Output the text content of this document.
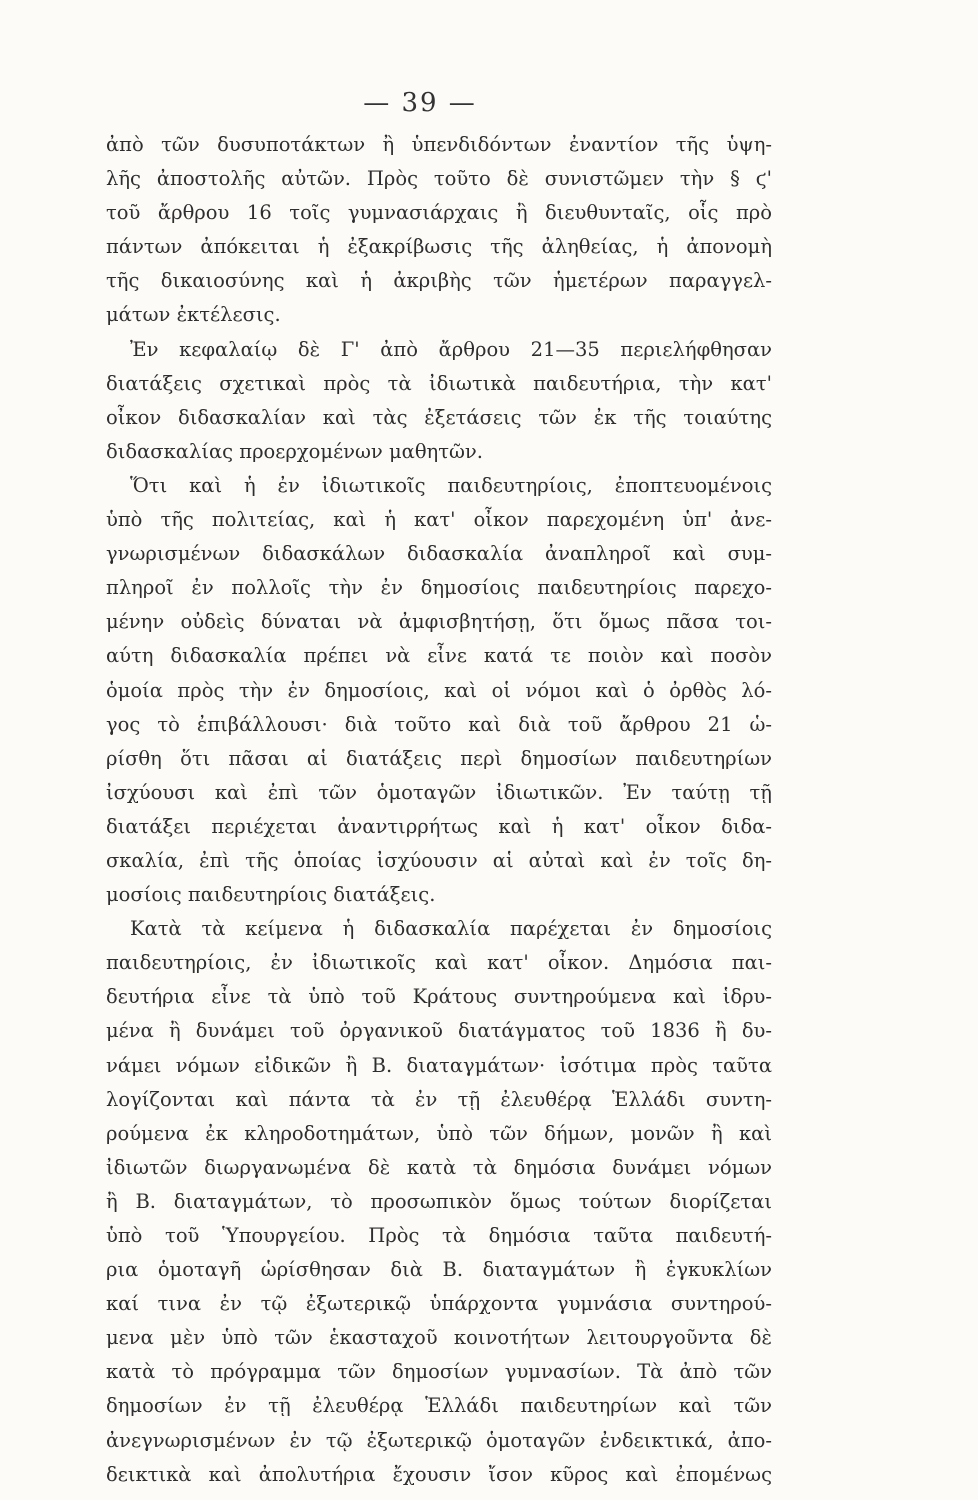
— 39 —
ἀπὸ τῶν δυσυποτάκτων ἢ ὑπενδιδόντων ἐναντίον τῆς ὑψη-
λῆς ἀποστολῆς αὐτῶν. Πρὸς τοῦτο δὲ συνιστῶμεν τὴν § ϛ'
τοῦ ἄρθρου 16 τοῖς γυμνασιάρχαις ἢ διευθυνταῖς, οἷς πρὸ
πάντων ἀπόκειται ἡ ἐξακρίβωσις τῆς ἀληθείας, ἡ ἀπονομὴ
τῆς δικαιοσύνης καὶ ἡ ἀκριβὴς τῶν ἡμετέρων παραγγελ-
μάτων ἐκτέλεσις.
Ἐν κεφαλαίῳ δὲ Γ' ἀπὸ ἄρθρου 21—35 περιελήφθησαν
διατάξεις σχετικαὶ πρὸς τὰ ἰδιωτικὰ παιδευτήρια, τὴν κατ'
οἶκον διδασκαλίαν καὶ τὰς ἐξετάσεις τῶν ἐκ τῆς τοιαύτης
διδασκαλίας προερχομένων μαθητῶν.
Ὅτι καὶ ἡ ἐν ἰδιωτικοῖς παιδευτηρίοις, ἐποπτευομένοις
ὑπὸ τῆς πολιτείας, καὶ ἡ κατ' οἶκον παρεχομένη ὑπ' ἀνε-
γνωρισμένων διδασκάλων διδασκαλία ἀναπληροῖ καὶ συμ-
πληροῖ ἐν πολλοῖς τὴν ἐν δημοσίοις παιδευτηρίοις παρεχο-
μένην οὐδεὶς δύναται νὰ ἀμφισβητήσῃ, ὅτι ὅμως πᾶσα τοι-
αύτη διδασκαλία πρέπει νὰ εἶνε κατά τε ποιὸν καὶ ποσὸν
ὁμοία πρὸς τὴν ἐν δημοσίοις, καὶ οἱ νόμοι καὶ ὁ ὀρθὸς λό-
γος τὸ ἐπιβάλλουσι· διὰ τοῦτο καὶ διὰ τοῦ ἄρθρου 21 ὡ-
ρίσθη ὅτι πᾶσαι αἱ διατάξεις περὶ δημοσίων παιδευτηρίων
ἰσχύουσι καὶ ἐπὶ τῶν ὁμοταγῶν ἰδιωτικῶν. Ἐν ταύτῃ τῇ
διατάξει περιέχεται ἀναντιρρήτως καὶ ἡ κατ' οἶκον διδα-
σκαλία, ἐπὶ τῆς ὁποίας ἰσχύουσιν αἱ αὐταὶ καὶ ἐν τοῖς δη-
μοσίοις παιδευτηρίοις διατάξεις.
Κατὰ τὰ κείμενα ἡ διδασκαλία παρέχεται ἐν δημοσίοις
παιδευτηρίοις, ἐν ἰδιωτικοῖς καὶ κατ' οἶκον. Δημόσια παι-
δευτήρια εἶνε τὰ ὑπὸ τοῦ Κράτους συντηρούμενα καὶ ἱδρυ-
μένα ἢ δυνάμει τοῦ ὀργανικοῦ διατάγματος τοῦ 1836 ἢ δυ-
νάμει νόμων εἰδικῶν ἢ Β. διαταγμάτων· ἰσότιμα πρὸς ταῦτα
λογίζονται καὶ πάντα τὰ ἐν τῇ ἐλευθέρᾳ Ἑλλάδι συντη-
ρούμενα ἐκ κληροδοτημάτων, ὑπὸ τῶν δήμων, μονῶν ἢ καὶ
ἰδιωτῶν διωργανωμένα δὲ κατὰ τὰ δημόσια δυνάμει νόμων
ἢ Β. διαταγμάτων, τὸ προσωπικὸν ὅμως τούτων διορίζεται
ὑπὸ τοῦ Ὑπουργείου. Πρὸς τὰ δημόσια ταῦτα παιδευτή-
ρια ὁμοταγῆ ὡρίσθησαν διὰ Β. διαταγμάτων ἢ ἐγκυκλίων
καί τινα ἐν τῷ ἐξωτερικῷ ὑπάρχοντα γυμνάσια συντηρού-
μενα μὲν ὑπὸ τῶν ἑκασταχοῦ κοινοτήτων λειτουργοῦντα δὲ
κατὰ τὸ πρόγραμμα τῶν δημοσίων γυμνασίων. Τὰ ἀπὸ τῶν
δημοσίων ἐν τῇ ἐλευθέρᾳ Ἑλλάδι παιδευτηρίων καὶ τῶν
ἀνεγνωρισμένων ἐν τῷ ἐξωτερικῷ ὁμοταγῶν ἐνδεικτικά, ἀπο-
δεικτικὰ καὶ ἀπολυτήρια ἔχουσιν ἴσον κῦρος καὶ ἐπομένως
